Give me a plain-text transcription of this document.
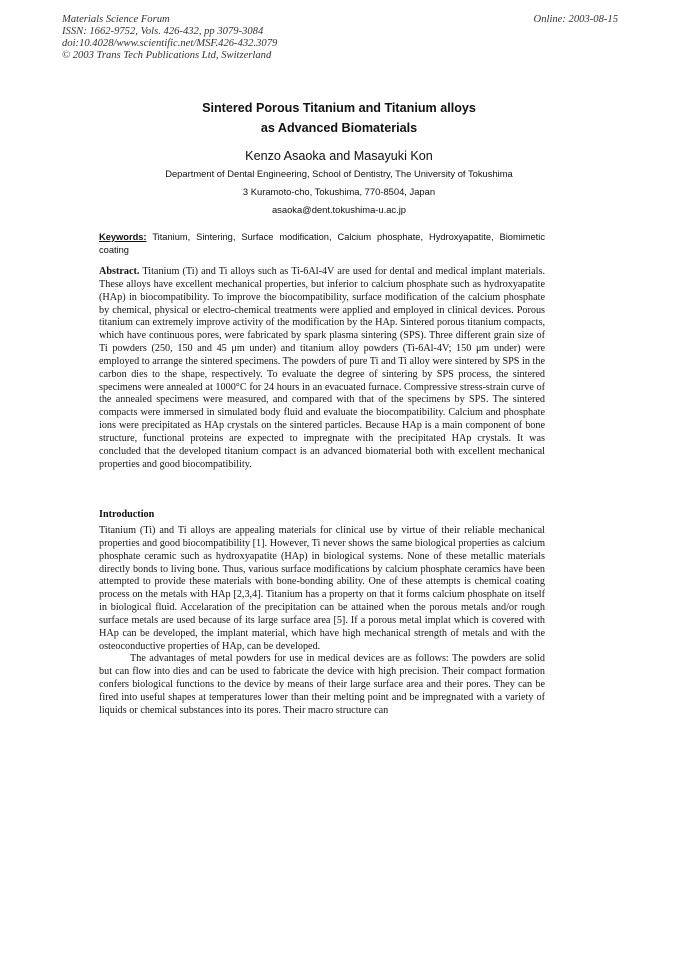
Materials Science Forum
ISSN: 1662-9752, Vols. 426-432, pp 3079-3084
doi:10.4028/www.scientific.net/MSF.426-432.3079
© 2003 Trans Tech Publications Ltd, Switzerland
Online: 2003-08-15
Sintered Porous Titanium and Titanium alloys
as Advanced Biomaterials
Kenzo Asaoka and Masayuki Kon
Department of Dental Engineering, School of Dentistry, The University of Tokushima
3 Kuramoto-cho, Tokushima, 770-8504, Japan
asaoka@dent.tokushima-u.ac.jp
Keywords: Titanium, Sintering, Surface modification, Calcium phosphate, Hydroxyapatite, Biomimetic coating
Abstract. Titanium (Ti) and Ti alloys such as Ti-6Al-4V are used for dental and medical implant materials. These alloys have excellent mechanical properties, but inferior to calcium phosphate such as hydroxyapatite (HAp) in biocompatibility. To improve the biocompatibility, surface modification of the calcium phosphate by chemical, physical or electro-chemical treatments were applied and employed in clinical devices. Porous titanium can extremely improve activity of the modification by the HAp. Sintered porous titanium compacts, which have continuous pores, were fabricated by spark plasma sintering (SPS). Three different grain size of Ti powders (250, 150 and 45 μm under) and titanium alloy powders (Ti-6Al-4V; 150 μm under) were employed to arrange the sintered specimens. The powders of pure Ti and Ti alloy were sintered by SPS in the carbon dies to the shape, respectively. To evaluate the degree of sintering by SPS process, the sintered specimens were annealed at 1000°C for 24 hours in an evacuated furnace. Compressive stress-strain curve of the annealed specimens were measured, and compared with that of the specimens by SPS. The sintered compacts were immersed in simulated body fluid and evaluate the biocompatibility. Calcium and phosphate ions were precipitated as HAp crystals on the sintered particles. Because HAp is a main component of bone structure, functional proteins are expected to impregnate with the precipitated HAp crystals. It was concluded that the developed titanium compact is an advanced biomaterial both with excellent mechanical properties and good biocompatibility.
Introduction

Titanium (Ti) and Ti alloys are appealing materials for clinical use by virtue of their reliable mechanical properties and good biocompatibility [1]. However, Ti never shows the same biological properties as calcium phosphate ceramic such as hydroxyapatite (HAp) in biological systems. None of these metallic materials directly bonds to living bone. Thus, various surface modifications by calcium phosphate ceramics have been attempted to provide these materials with bone-bonding ability. One of these attempts is chemical coating process on the metals with HAp [2,3,4]. Titanium has a property on that it forms calcium phosphate on itself in biological fluid. Accelaration of the precipitation can be attained when the porous metals and/or rough surface metals are used because of its large surface area [5]. If a porous metal implat which is covered with HAp can be developed, the implant material, which have high mechanical strength of metals and with the osteoconductive properties of HAp, can be developed.

The advantages of metal powders for use in medical devices are as follows: The powders are solid but can flow into dies and can be used to fabricate the device with high precision. Their compact formation confers biological functions to the device by means of their large surface area and their pores. They can be fired into useful shapes at temperatures lower than their melting point and be impregnated with a variety of liquids or chemical substances into its pores. Their macro structure can
